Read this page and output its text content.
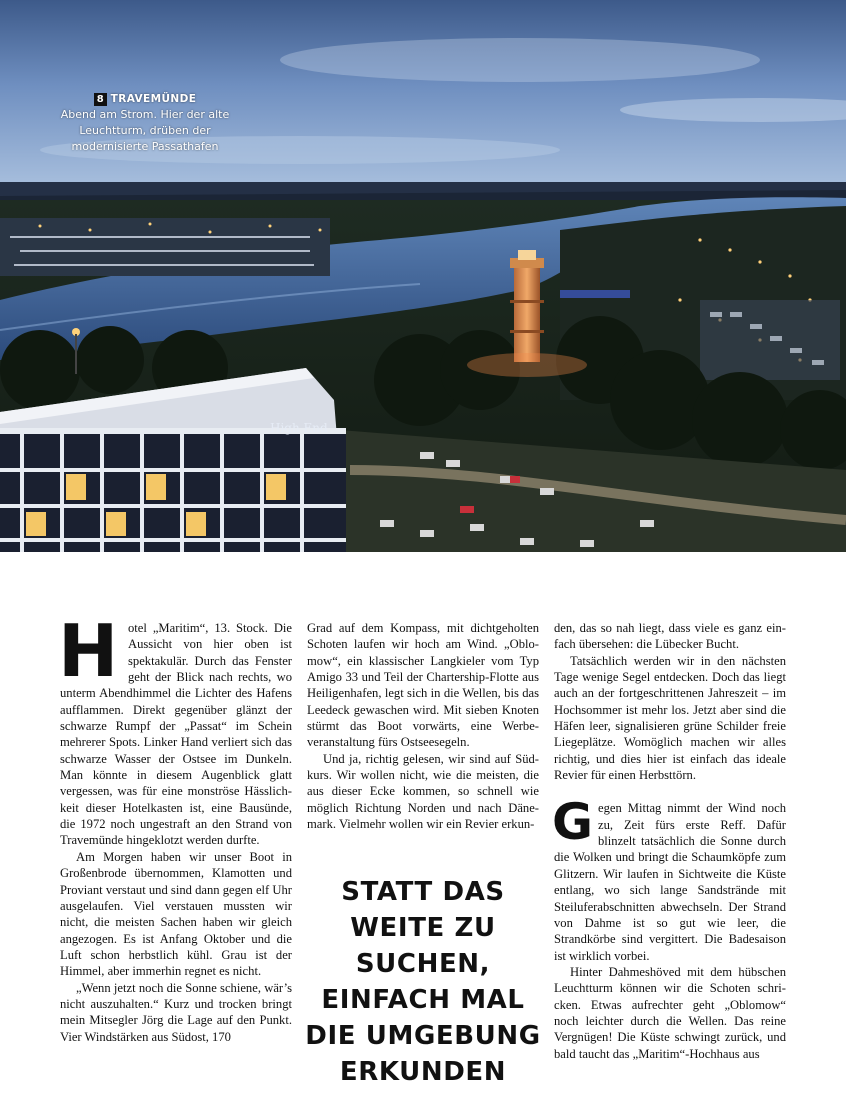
High End
8 TRAVEMÜNDE
Abend am Strom. Hier der alte Leuchtturm, drüben der modernisierte Passathafen
H otel „Maritim“, 13. Stock. Die Aussicht von hier oben ist spektakulär. Durch das Fenster geht der Blick nach rechts, wo unterm Abendhimmel die Lichter des Hafens aufflammen. Direkt gegenüber glänzt der schwarze Rumpf der „Passat“ im Schein mehrerer Spots. Linker Hand verliert sich das schwarze Wasser der Ostsee im Dunkeln. Man könnte in diesem Augenblick glatt vergessen, was für eine monströse Hässlichkeit dieser Hotelkasten ist, eine Bausünde, die 1972 noch ungestraft an den Strand von Travemünde hingeklotzt werden durfte.

Am Morgen haben wir unser Boot in Großenbrode übernommen, Klamotten und Proviant verstaut und sind dann gegen elf Uhr ausgelaufen. Viel verstauen mussten wir nicht, die meisten Sachen haben wir gleich angezogen. Es ist Anfang Oktober und die Luft schon herbstlich kühl. Grau ist der Himmel, aber immerhin regnet es nicht.

„Wenn jetzt noch die Sonne schiene, wär’s nicht auszuhalten.“ Kurz und trocken bringt mein Mitsegler Jörg die Lage auf den Punkt. Vier Windstärken aus Südost, 170

Grad auf dem Kompass, mit dichtgeholten Schoten laufen wir hoch am Wind. „Oblomow“, ein klassischer Langkieler vom Typ Amigo 33 und Teil der Chartership-Flotte aus Heiligenhafen, legt sich in die Wellen, bis das Leedeck gewaschen wird. Mit sieben Knoten stürmt das Boot vorwärts, eine Werbeveranstaltung fürs Ostseesegeln.

Und ja, richtig gelesen, wir sind auf Südkurs. Wir wollen nicht, wie die meisten, die aus dieser Ecke kommen, so schnell wie möglich Richtung Norden und nach Dänemark. Vielmehr wollen wir ein Revier erkun-

STATT DAS WEITE ZU SUCHEN, EINFACH MAL DIE UMGEBUNG ERKUNDEN

den, das so nah liegt, dass viele es ganz einfach übersehen: die Lübecker Bucht.

Tatsächlich werden wir in den nächsten Tage wenige Segel entdecken. Doch das liegt auch an der fortgeschrittenen Jahreszeit – im Hochsommer ist mehr los. Jetzt aber sind die Häfen leer, signalisieren grüne Schilder freie Liegeplätze. Womöglich machen wir alles richtig, und dies hier ist einfach das ideale Revier für einen Herbsttörn.

G egen Mittag nimmt der Wind noch zu, Zeit fürs erste Reff. Dafür blinzelt tatsächlich die Sonne durch die Wolken und bringt die Schaumköpfe zum Glitzern. Wir laufen in Sichtweite die Küste entlang, wo sich lange Sandstrände mit Steiluferabschnitten abwechseln. Der Strand von Dahme ist so gut wie leer, die Strandkörbe sind vergittert. Die Badesaison ist wirklich vorbei.

Hinter Dahmeshöved mit dem hübschen Leuchtturm können wir die Schoten schricken. Etwas aufrechter geht „Oblomow“ noch leichter durch die Wellen. Das reine Vergnügen! Die Küste schwingt zurück, und bald taucht das „Maritim“-Hochhaus aus
